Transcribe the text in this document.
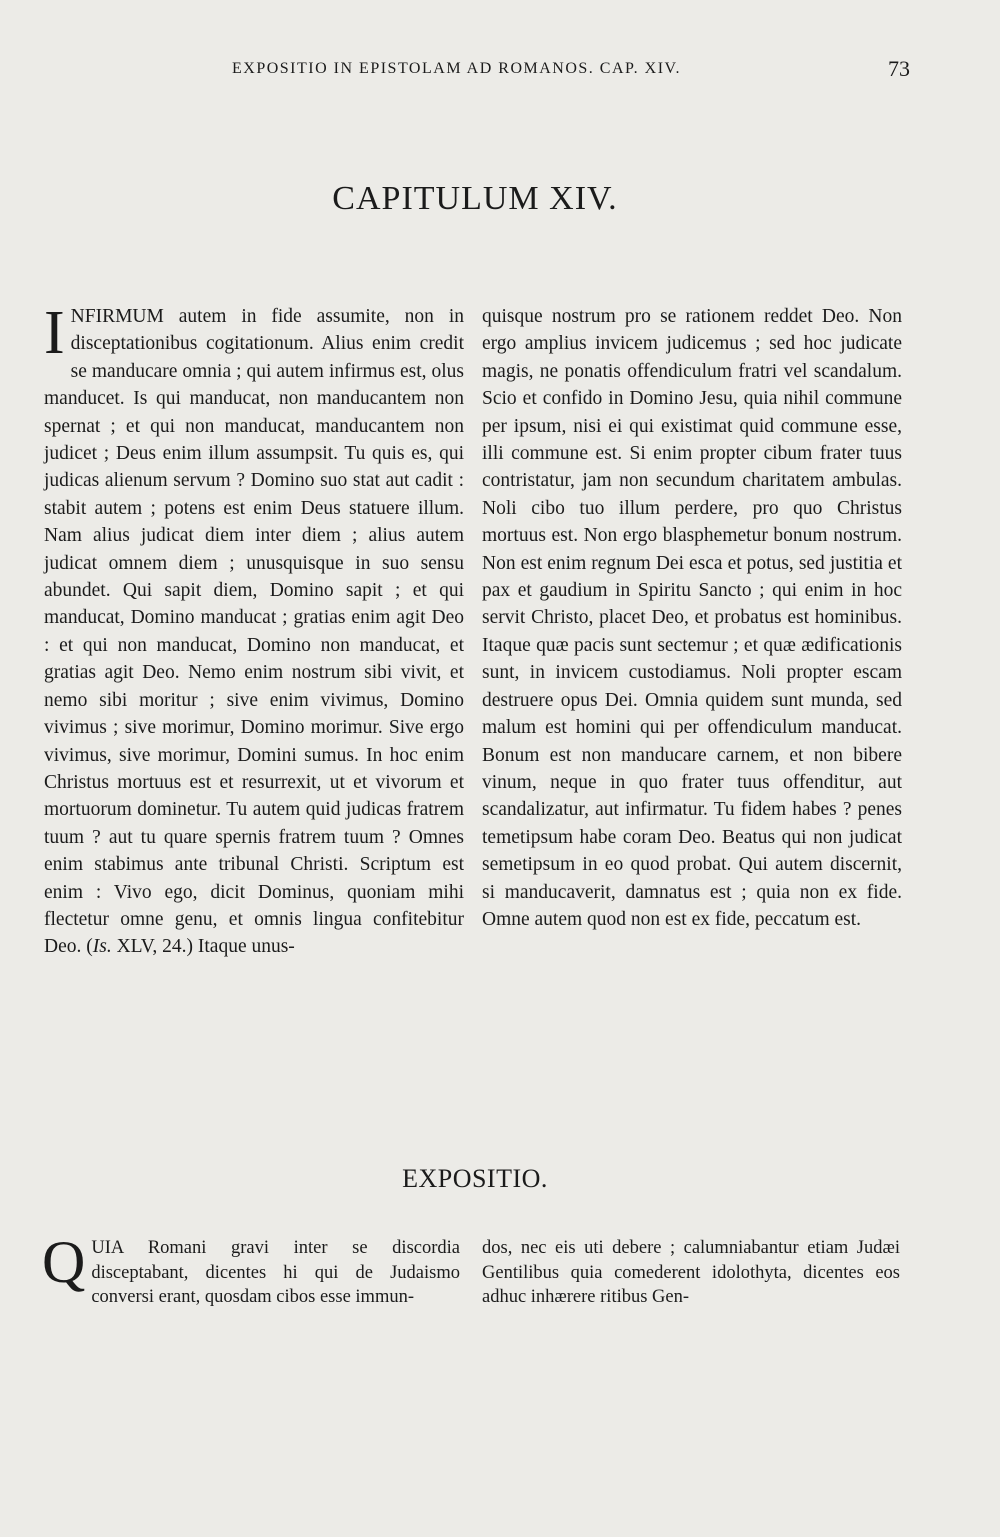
EXPOSITIO IN EPISTOLAM AD ROMANOS. CAP. XIV.	73
CAPITULUM XIV.

INFIRMUM autem in fide assumite, non in disceptationibus cogitationum. Alius enim credit se manducare omnia ; qui autem infirmus est, olus manducet. Is qui manducat, non manducantem non spernat ; et qui non manducat, manducantem non judicet ; Deus enim illum assumpsit. Tu quis es, qui judicas alienum servum ? Domino suo stat aut cadit : stabit autem ; potens est enim Deus statuere illum. Nam alius judicat diem inter diem ; alius autem judicat omnem diem ; unusquisque in suo sensu abundet. Qui sapit diem, Domino sapit ; et qui manducat, Domino manducat ; gratias enim agit Deo : et qui non manducat, Domino non manducat, et gratias agit Deo. Nemo enim nostrum sibi vivit, et nemo sibi moritur ; sive enim vivimus, Domino vivimus ; sive morimur, Domino morimur. Sive ergo vivimus, sive morimur, Domini sumus. In hoc enim Christus mortuus est et resurrexit, ut et vivorum et mortuorum dominetur. Tu autem quid judicas fratrem tuum ? aut tu quare spernis fratrem tuum ? Omnes enim stabimus ante tribunal Christi. Scriptum est enim : Vivo ego, dicit Dominus, quoniam mihi flectetur omne genu, et omnis lingua confitebitur Deo. (Is. XLV, 24.) Itaque unus-

quisque nostrum pro se rationem reddet Deo. Non ergo amplius invicem judicemus ; sed hoc judicate magis, ne ponatis offendiculum fratri vel scandalum. Scio et confido in Domino Jesu, quia nihil commune per ipsum, nisi ei qui existimat quid commune esse, illi commune est. Si enim propter cibum frater tuus contristatur, jam non secundum charitatem ambulas. Noli cibo tuo illum perdere, pro quo Christus mortuus est. Non ergo blasphemetur bonum nostrum. Non est enim regnum Dei esca et potus, sed justitia et pax et gaudium in Spiritu Sancto ; qui enim in hoc servit Christo, placet Deo, et probatus est hominibus. Itaque quæ pacis sunt sectemur ; et quæ ædificationis sunt, in invicem custodiamus. Noli propter escam destruere opus Dei. Omnia quidem sunt munda, sed malum est homini qui per offendiculum manducat. Bonum est non manducare carnem, et non bibere vinum, neque in quo frater tuus offenditur, aut scandalizatur, aut infirmatur. Tu fidem habes ? penes temetipsum habe coram Deo. Beatus qui non judicat semetipsum in eo quod probat. Qui autem discernit, si manducaverit, damnatus est ; quia non ex fide. Omne autem quod non est ex fide, peccatum est.

EXPOSITIO.

QUIA Romani gravi inter se discordia disceptabant, dicentes hi qui de Judaismo conversi erant, quosdam cibos esse immun-

dos, nec eis uti debere ; calumniabantur etiam Judæi Gentilibus quia comederent idolothyta, dicentes eos adhuc inhærere ritibus Gen-
